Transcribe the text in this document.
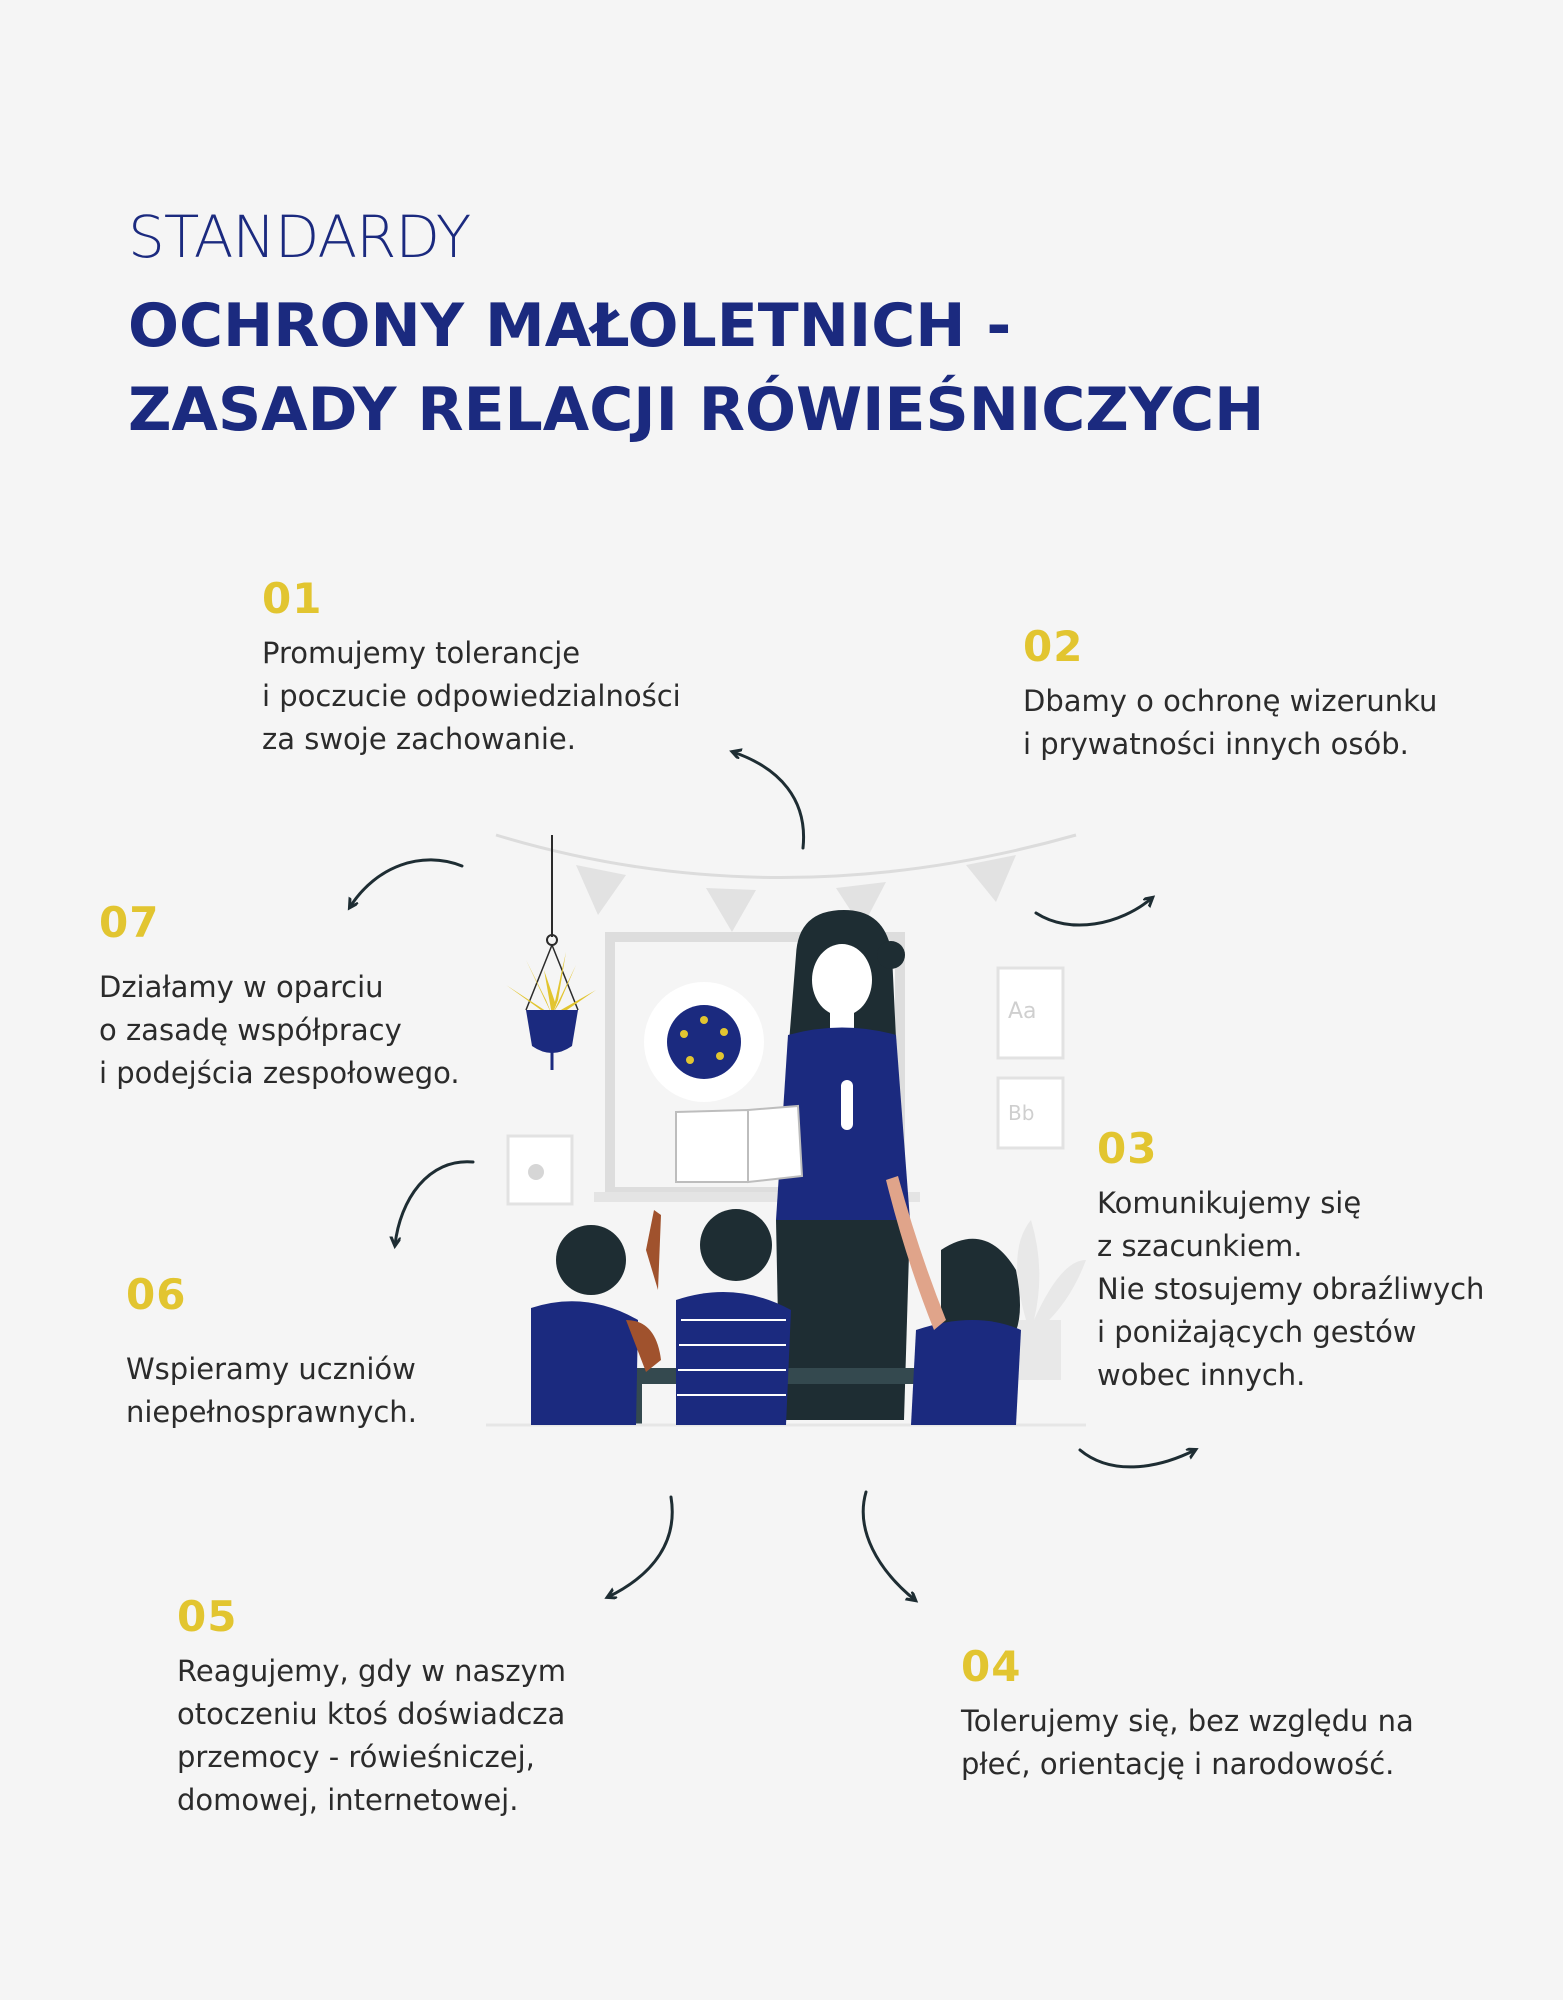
STANDARDY
OCHRONY MAŁOLETNICH -
ZASADY RELACJI RÓWIEŚNICZYCH
Aa
Bb
01
Promujemy tolerancje
i poczucie odpowiedzialności
za swoje zachowanie.
02
Dbamy o ochronę wizerunku
i prywatności innych osób.
03
Komunikujemy się
z szacunkiem.
Nie stosujemy obraźliwych
i poniżających gestów
wobec innych.
04
Tolerujemy się, bez względu na
płeć, orientację i narodowość.
05
Reagujemy, gdy w naszym
otoczeniu ktoś doświadcza
przemocy - rówieśniczej,
domowej, internetowej.
06
Wspieramy uczniów
niepełnosprawnych.
07
Działamy w oparciu
o zasadę współpracy
i podejścia zespołowego.
